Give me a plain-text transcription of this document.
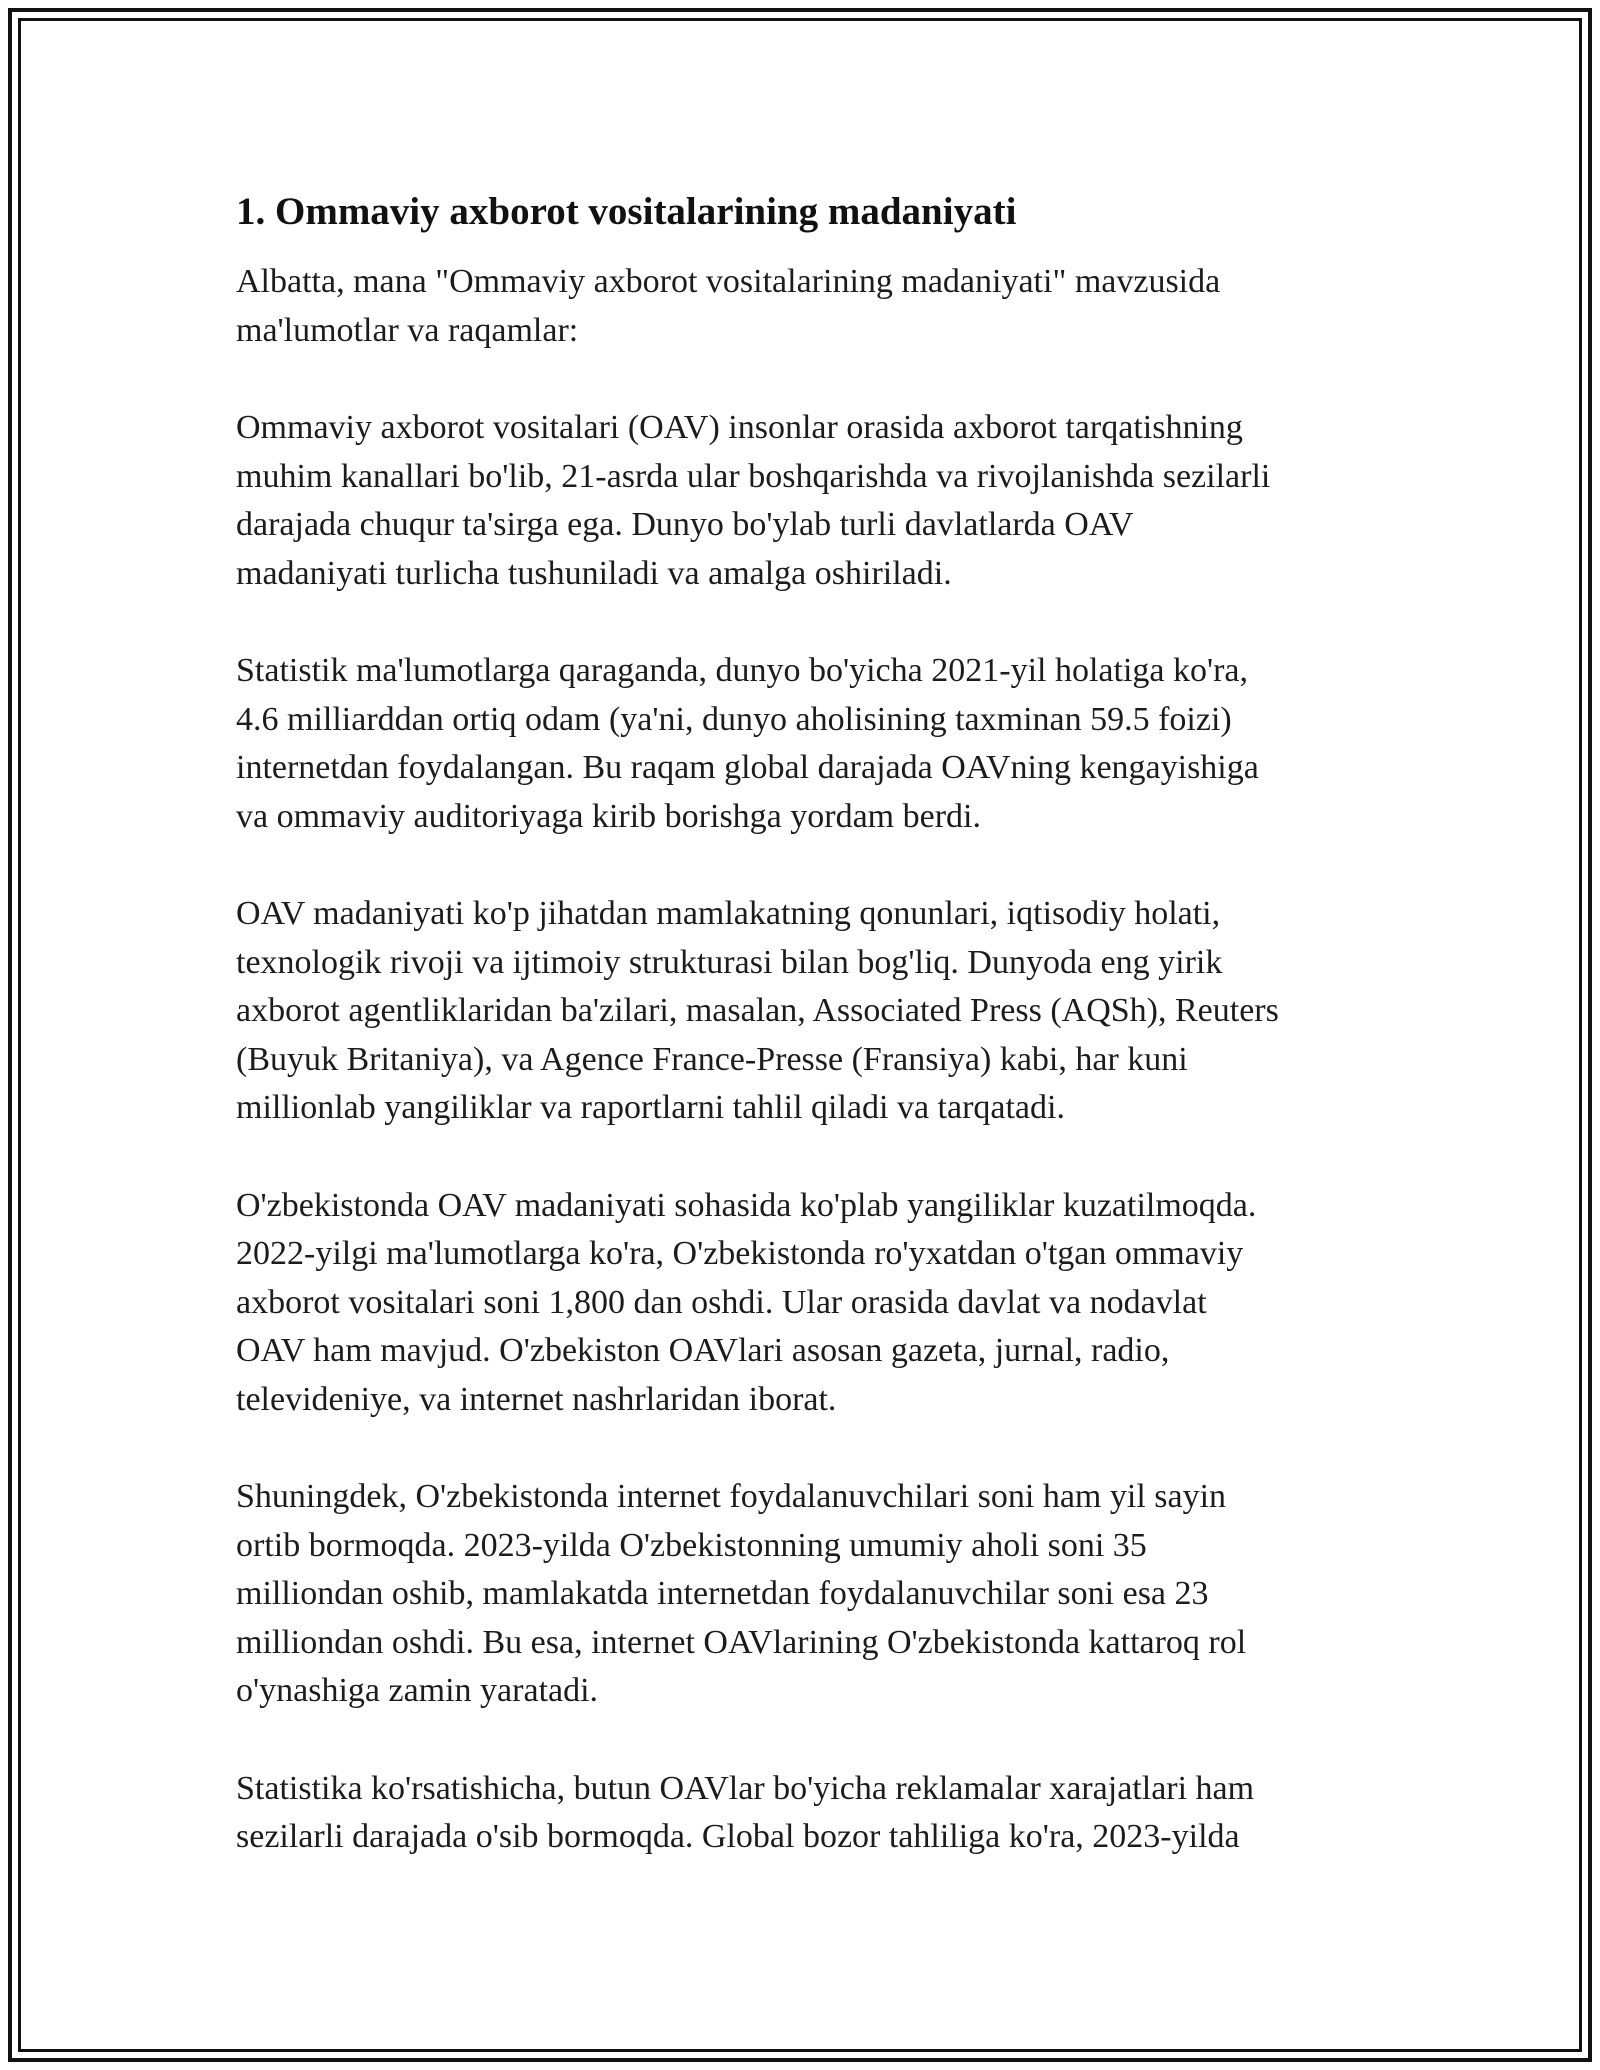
1. Ommaviy axborot vositalarining madaniyati

Albatta, mana "Ommaviy axborot vositalarining madaniyati" mavzusida
ma'lumotlar va raqamlar:

Ommaviy axborot vositalari (OAV) insonlar orasida axborot tarqatishning
muhim kanallari bo'lib, 21-asrda ular boshqarishda va rivojlanishda sezilarli
darajada chuqur ta'sirga ega. Dunyo bo'ylab turli davlatlarda OAV
madaniyati turlicha tushuniladi va amalga oshiriladi.

Statistik ma'lumotlarga qaraganda, dunyo bo'yicha 2021-yil holatiga ko'ra,
4.6 milliarddan ortiq odam (ya'ni, dunyo aholisining taxminan 59.5 foizi)
internetdan foydalangan. Bu raqam global darajada OAVning kengayishiga
va ommaviy auditoriyaga kirib borishga yordam berdi.

OAV madaniyati ko'p jihatdan mamlakatning qonunlari, iqtisodiy holati,
texnologik rivoji va ijtimoiy strukturasi bilan bog'liq. Dunyoda eng yirik
axborot agentliklaridan ba'zilari, masalan, Associated Press (AQSh), Reuters
(Buyuk Britaniya), va Agence France-Presse (Fransiya) kabi, har kuni
millionlab yangiliklar va raportlarni tahlil qiladi va tarqatadi.

O'zbekistonda OAV madaniyati sohasida ko'plab yangiliklar kuzatilmoqda.
2022-yilgi ma'lumotlarga ko'ra, O'zbekistonda ro'yxatdan o'tgan ommaviy
axborot vositalari soni 1,800 dan oshdi. Ular orasida davlat va nodavlat
OAV ham mavjud. O'zbekiston OAVlari asosan gazeta, jurnal, radio,
televideniye, va internet nashrlaridan iborat.

Shuningdek, O'zbekistonda internet foydalanuvchilari soni ham yil sayin
ortib bormoqda. 2023-yilda O'zbekistonning umumiy aholi soni 35
milliondan oshib, mamlakatda internetdan foydalanuvchilar soni esa 23
milliondan oshdi. Bu esa, internet OAVlarining O'zbekistonda kattaroq rol
o'ynashiga zamin yaratadi.

Statistika ko'rsatishicha, butun OAVlar bo'yicha reklamalar xarajatlari ham
sezilarli darajada o'sib bormoqda. Global bozor tahliliga ko'ra, 2023-yilda
